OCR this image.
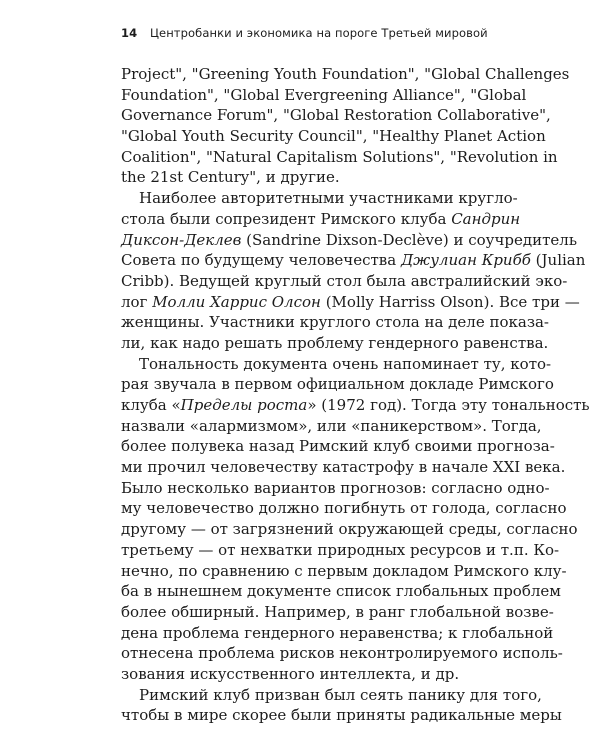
14 Центробанки и экономика на пороге Третьей мировой
Project", "Greening Youth Foundation", "Global Challenges
Foundation", "Global Evergreening Alliance", "Global
Governance Forum", "Global Restoration Collaborative",
"Global Youth Security Council", "Healthy Planet Action
Coalition", "Natural Capitalism Solutions", "Revolution in
the 21st Century", и другие.
Наиболее авторитетными участниками кругло-
стола были сопрезидент Римского клуба Сандрин
Диксон-Деклев (Sandrine Dixson-Declève) и соучредитель
Совета по будущему человечества Джулиан Крибб (Julian
Cribb). Ведущей круглый стол была австралийский эко-
лог Молли Харрис Олсон (Molly Harriss Olson). Все три —
женщины. Участники круглого стола на деле показа-
ли, как надо решать проблему гендерного равенства.
Тональность документа очень напоминает ту, кото-
рая звучала в первом официальном докладе Римского
клуба «Пределы роста» (1972 год). Тогда эту тональность
назвали «алармизмом», или «паникерством». Тогда,
более полувека назад Римский клуб своими прогноза-
ми прочил человечеству катастрофу в начале XXI века.
Было несколько вариантов прогнозов: согласно одно-
му человечество должно погибнуть от голода, согласно
другому — от загрязнений окружающей среды, согласно
третьему — от нехватки природных ресурсов и т.п. Ко-
нечно, по сравнению с первым докладом Римского клу-
ба в нынешнем документе список глобальных проблем
более обширный. Например, в ранг глобальной возве-
дена проблема гендерного неравенства; к глобальной
отнесена проблема рисков неконтролируемого исполь-
зования искусственного интеллекта, и др.
Римский клуб призван был сеять панику для того,
чтобы в мире скорее были приняты радикальные меры
